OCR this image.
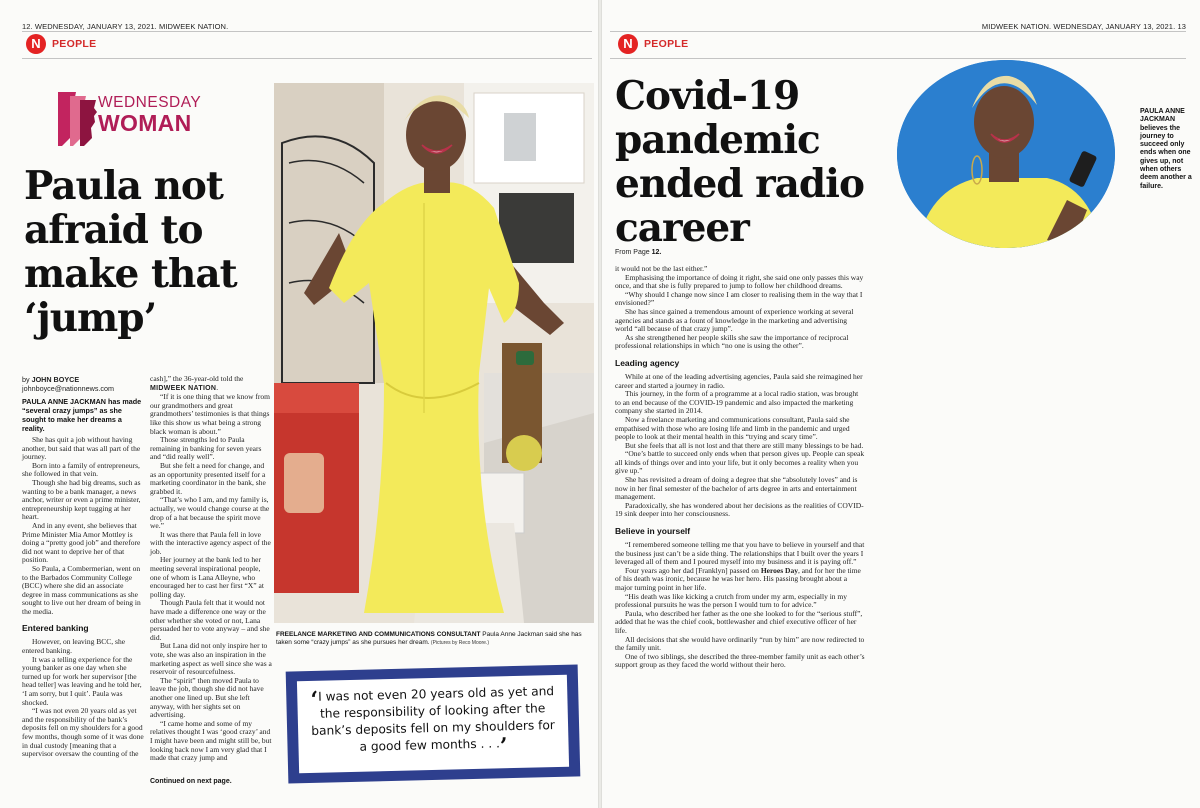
12. WEDNESDAY, JANUARY 13, 2021. MIDWEEK NATION.
N	PEOPLE
WEDNESDAY
WOMAN
Paula not afraid to make that ‘jump’
by JOHN BOYCE
johnboyce@nationnews.com
PAULA ANNE JACKMAN has made “several crazy jumps” as she sought to make her dreams a reality.

She has quit a job without having another, but said that was all part of the journey.

Born into a family of entrepreneurs, she followed in that vein.

Though she had big dreams, such as wanting to be a bank manager, a news anchor, writer or even a prime minister, entrepreneurship kept tugging at her heart.

And in any event, she believes that Prime Minister Mia Amor Mottley is doing a “pretty good job” and therefore did not want to deprive her of that position.

So Paula, a Combermerian, went on to the Barbados Community College (BCC) where she did an associate degree in mass communications as she sought to live out her dream of being in the media.

Entered banking

However, on leaving BCC, she entered banking.

It was a telling experience for the young banker as one day when she turned up for work her supervisor [the head teller] was leaving and he told her, ‘I am sorry, but I quit’. Paula was shocked.

“I was not even 20 years old as yet and the responsibility of the bank’s deposits fell on my shoulders for a good few months, though some of it was done in dual custody [meaning that a supervisor oversaw the counting of the

cash],” the 36-year-old told the MIDWEEK NATION.

“If it is one thing that we know from our grandmothers and great grandmothers’ testimonies is that things like this show us what being a strong black woman is about.”

Those strengths led to Paula remaining in banking for seven years and “did really well”.

But she felt a need for change, and as an opportunity presented itself for a marketing coordinator in the bank, she grabbed it.

“That’s who I am, and my family is, actually, we would change course at the drop of a hat because the spirit move we.”

It was there that Paula fell in love with the interactive agency aspect of the job.

Her journey at the bank led to her meeting several inspirational people, one of whom is Lana Alleyne, who encouraged her to cast her first “X” at polling day.

Though Paula felt that it would not have made a difference one way or the other whether she voted or not, Lana persuaded her to vote anyway – and she did.

But Lana did not only inspire her to vote, she was also an inspiration in the marketing aspect as well since she was a reservoir of resourcefulness.

The “spirit” then moved Paula to leave the job, though she did not have another one lined up. But she left anyway, with her sights set on advertising.

“I came home and some of my relatives thought I was ‘good crazy’ and I might have been and might still be, but looking back now I am very glad that I made that crazy jump and

Continued on next page.
FREELANCE MARKETING AND COMMUNICATIONS CONSULTANT Paula Anne Jackman said she has taken some “crazy jumps” as she pursues her dream. (Pictures by Reco Moore.)
‘I was not even 20 years old as yet and the responsibility of looking after the bank’s deposits fell on my shoulders for a good few months . . .’
MIDWEEK NATION. WEDNESDAY, JANUARY 13, 2021. 13
N	PEOPLE
Covid-19 pandemic ended radio career
PAULA ANNE JACKMAN believes the journey to succeed only ends when one gives up, not when others deem another a failure.
From Page 12.

it would not be the last either.”

Emphasising the importance of doing it right, she said one only passes this way once, and that she is fully prepared to jump to follow her childhood dreams.

“Why should I change now since I am closer to realising them in the way that I envisioned?”

She has since gained a tremendous amount of experience working at several agencies and stands as a fount of knowledge in the marketing and advertising world “all because of that crazy jump”.

As she strengthened her people skills she saw the importance of reciprocal professional relationships in which “no one is using the other”.

Leading agency

While at one of the leading advertising agencies, Paula said she reimagined her career and started a journey in radio.

This journey, in the form of a programme at a local radio station, was brought to an end because of the COVID-19 pandemic and also impacted the marketing company she started in 2014.

Now a freelance marketing and communications consultant, Paula said she empathised with those who are losing life and limb in the pandemic and urged people to look at their mental health in this “trying and scary time”.

But she feels that all is not lost and that there are still many blessings to be had.

“One’s battle to succeed only ends when that person gives up. People can speak all kinds of things over and into your life, but it only becomes a reality when you give up.”

She has revisited a dream of doing a degree that she “absolutely loves” and is now in her final semester of the bachelor of arts degree in arts and entertainment management.

Paradoxically, she has wondered about her decisions as the realities of COVID-19 sink deeper into her consciousness.

Believe in yourself

“I remembered someone telling me that you have to believe in yourself and that the business just can’t be a side thing. The relationships that I built over the years I leveraged all of them and I poured myself into my business and it is paying off.”

Four years ago her dad [Franklyn] passed on Heroes Day, and for her the time of his death was ironic, because he was her hero. His passing brought about a major turning point in her life.

“His death was like kicking a crutch from under my arm, especially in my professional pursuits he was the person I would turn to for advice.”

Paula, who described her father as the one she looked to for the “serious stuff”, added that he was the chief cook, bottlewasher and chief executive officer of her life.

All decisions that she would have ordinarily “run by him” are now redirected to the family unit.

One of two siblings, she described the three-member family unit as each other’s support group as they faced the world without their hero.
